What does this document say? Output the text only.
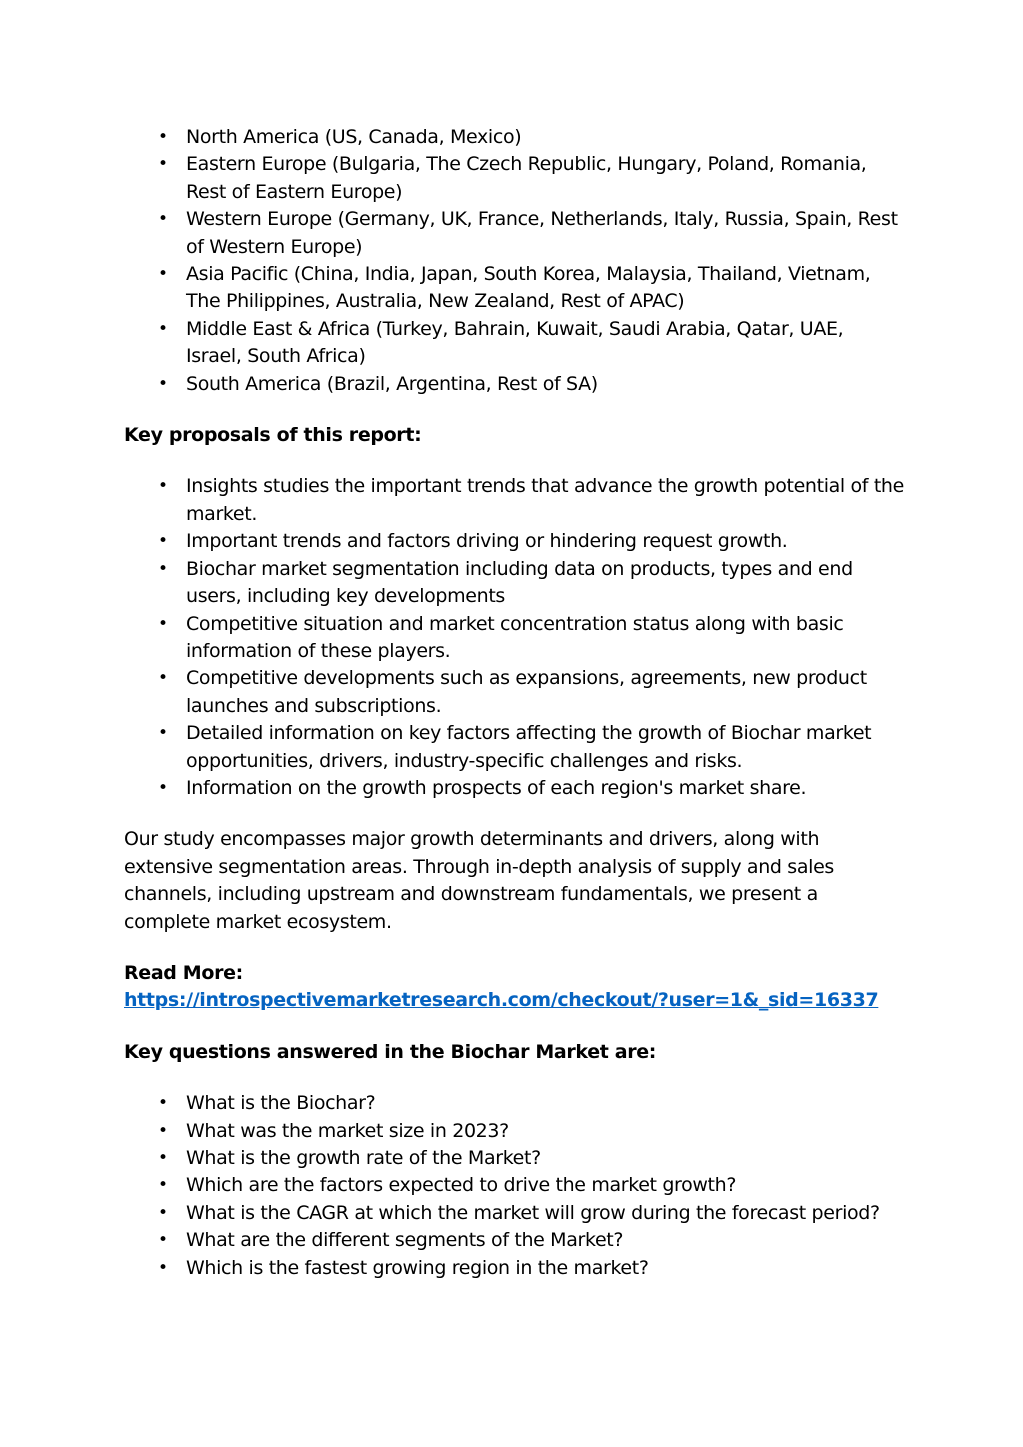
• North America (US, Canada, Mexico)
• Eastern Europe (Bulgaria, The Czech Republic, Hungary, Poland, Romania, Rest of Eastern Europe)
• Western Europe (Germany, UK, France, Netherlands, Italy, Russia, Spain, Rest of Western Europe)
• Asia Pacific (China, India, Japan, South Korea, Malaysia, Thailand, Vietnam, The Philippines, Australia, New Zealand, Rest of APAC)
• Middle East & Africa (Turkey, Bahrain, Kuwait, Saudi Arabia, Qatar, UAE, Israel, South Africa)
• South America (Brazil, Argentina, Rest of SA)

Key proposals of this report:

• Insights studies the important trends that advance the growth potential of the market.
• Important trends and factors driving or hindering request growth.
• Biochar market segmentation including data on products, types and end users, including key developments
• Competitive situation and market concentration status along with basic information of these players.
• Competitive developments such as expansions, agreements, new product launches and subscriptions.
• Detailed information on key factors affecting the growth of Biochar market opportunities, drivers, industry-specific challenges and risks.
• Information on the growth prospects of each region's market share.

Our study encompasses major growth determinants and drivers, along with extensive segmentation areas. Through in-depth analysis of supply and sales channels, including upstream and downstream fundamentals, we present a complete market ecosystem.

Read More:

https://introspectivemarketresearch.com/checkout/?user=1&_sid=16337

Key questions answered in the Biochar Market are:

• What is the Biochar?
• What was the market size in 2023?
• What is the growth rate of the Market?
• Which are the factors expected to drive the market growth?
• What is the CAGR at which the market will grow during the forecast period?
• What are the different segments of the Market?
• Which is the fastest growing region in the market?
